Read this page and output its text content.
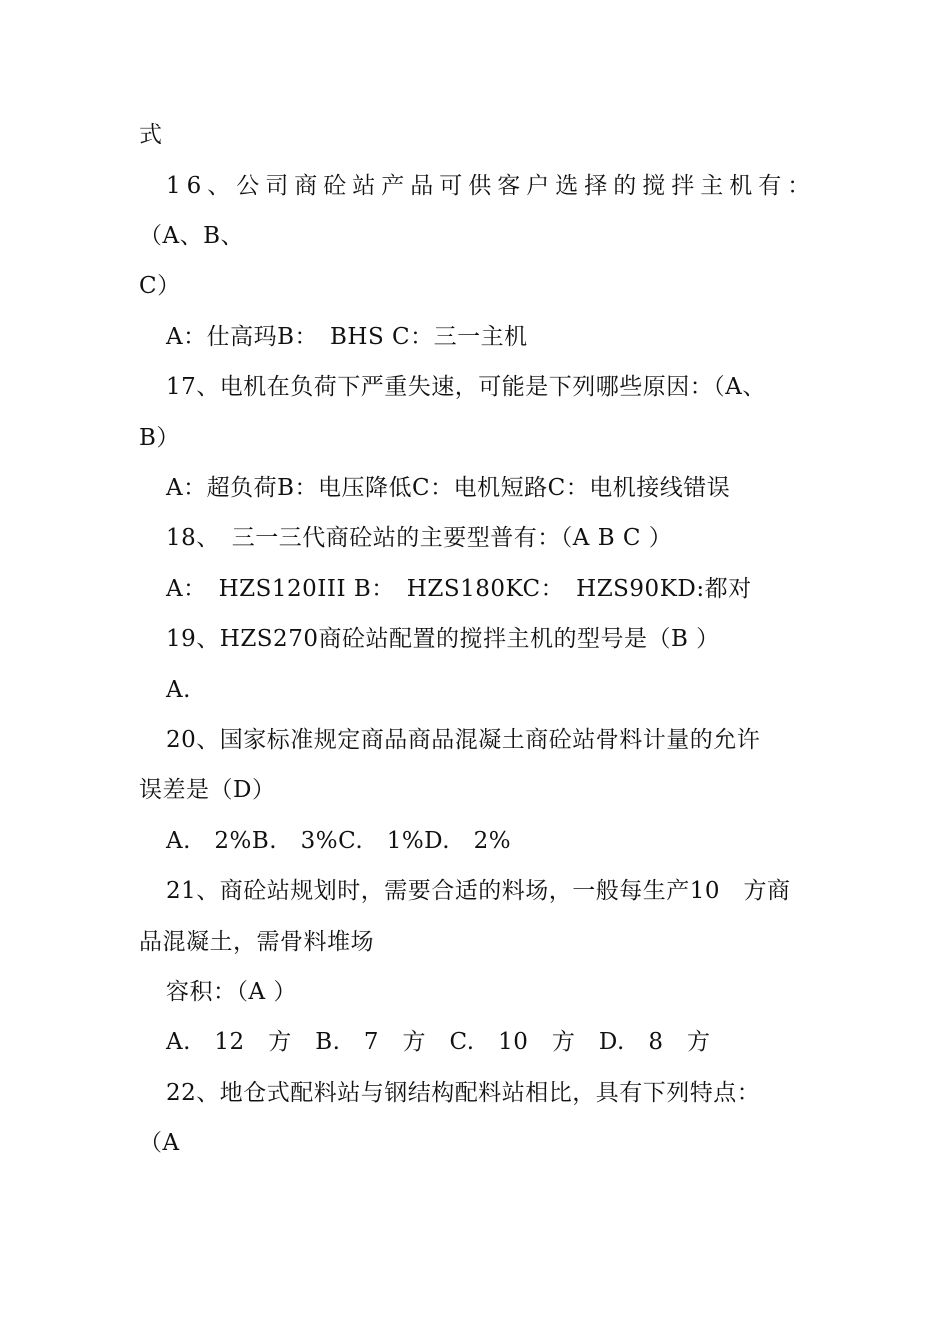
式
16、公司商砼站产品可供客户选择的搅拌主机有：
（A、B、
C）
A：仕高玛B：　BHS C：三一主机
17、电机在负荷下严重失速，可能是下列哪些原因：（A、
B）
A：超负荷B：电压降低C：电机短路C：电机接线错误
18、　三一三代商砼站的主要型普有：（A B C ）
A：　HZS120III B：　HZS180KC：　HZS90KD:都对
19、HZS270商砼站配置的搅拌主机的型号是（B ）
A.
20、国家标准规定商品商品混凝土商砼站骨料计量的允许
误差是（D）
A.　2%B.　3%C.　1%D.　2%
21、商砼站规划时，需要合适的料场，一般每生产10　方商
品混凝土，需骨料堆场
容积：（A ）
A.　12　方　B.　7　方　C.　10　方　D.　8　方
22、地仓式配料站与钢结构配料站相比，具有下列特点：
（A
